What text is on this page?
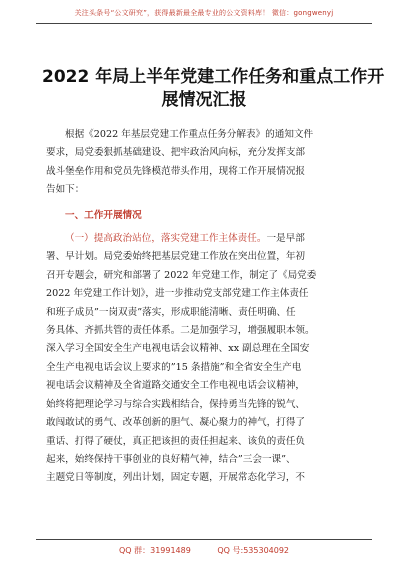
关注头条号“公文研究”，获得最新最全最专业的公文资料库！ 微信：gongwenyj
2022 年局上半年党建工作任务和重点工作开
展情况汇报
根据《2022 年基层党建工作重点任务分解表》的通知文件
要求，局党委狠抓基础建设、把牢政治风向标，充分发挥支部
战斗堡垒作用和党员先锋模范带头作用，现将工作开展情况报
告如下：
一、工作开展情况
（一）提高政治站位，落实党建工作主体责任。一是早部
署、早计划。局党委始终把基层党建工作放在突出位置，年初
召开专题会，研究和部署了 2022 年党建工作，制定了《局党委
2022 年党建工作计划》，进一步推动党支部党建工作主体责任
和班子成员”一岗双责”落实，形成职能清晰、责任明确、任
务具体、齐抓共管的责任体系。二是加强学习，增强履职本领。
深入学习全国安全生产电视电话会议精神、xx 副总理在全国安
全生产电视电话会议上要求的”15 条措施”和全省安全生产电
视电话会议精神及全省道路交通安全工作电视电话会议精神，
始终将把理论学习与综合实践相结合，保持勇当先锋的锐气、
敢闯敢试的勇气、改革创新的胆气、凝心聚力的神气，打得了
重话、打得了硬仗，真正把该担的责任担起来、该负的责任负
起来，始终保持干事创业的良好精气神，结合”三会一课”、
主题党日等制度，列出计划，固定专题，开展常态化学习，不
QQ 群：31991489	QQ 号:535304092
